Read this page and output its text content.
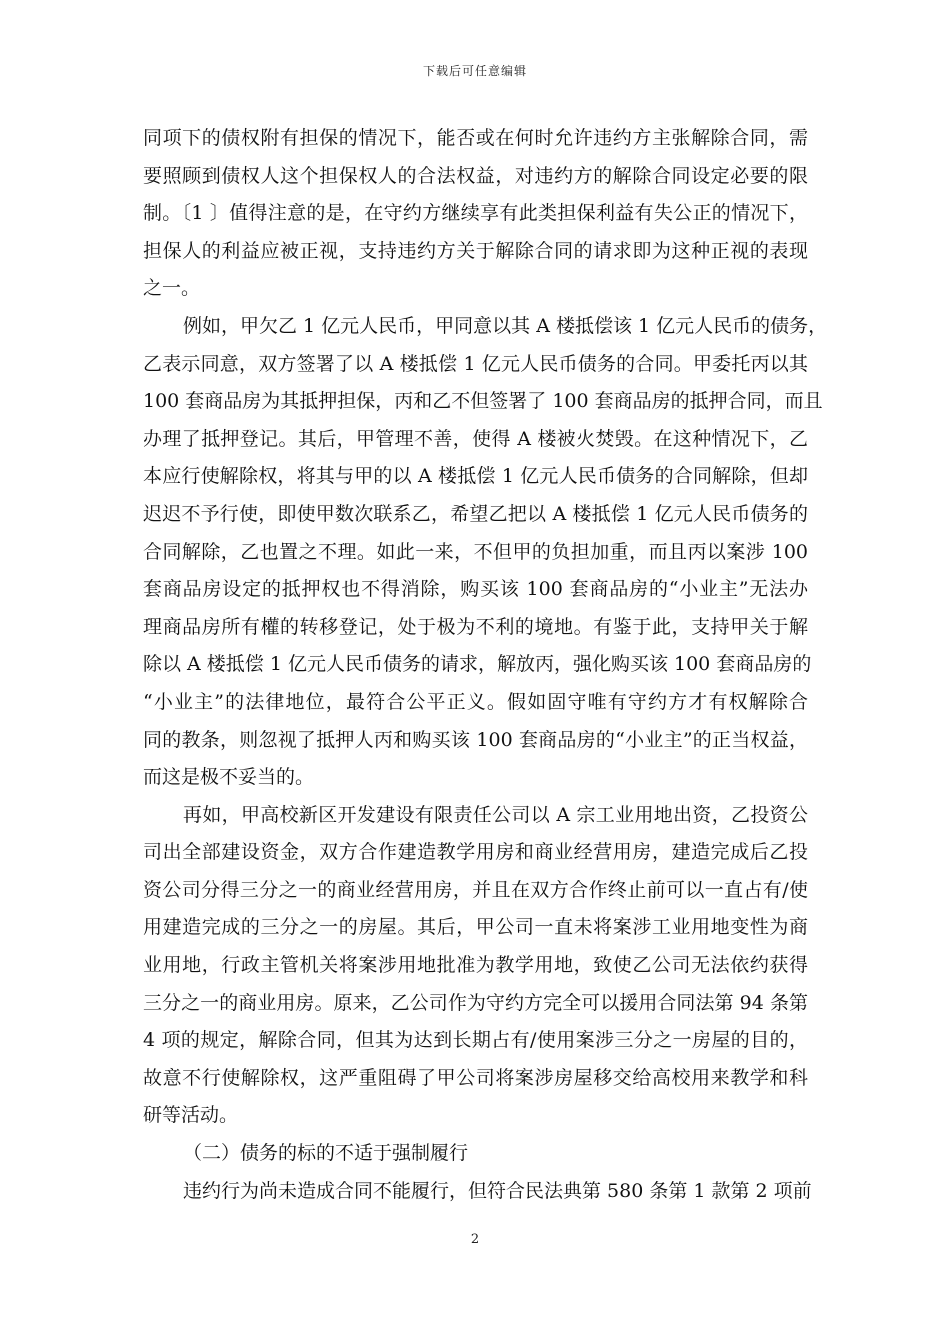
下载后可任意编辑
同项下的债权附有担保的情况下，能否或在何时允许违约方主张解除合同，需
要照顾到债权人这个担保权人的合法权益，对违约方的解除合同设定必要的限
制。〔1 〕值得注意的是，在守约方继续享有此类担保利益有失公正的情况下，
担保人的利益应被正视，支持违约方关于解除合同的请求即为这种正视的表现
之一。
例如，甲欠乙 1 亿元人民币，甲同意以其 A 楼抵偿该 1 亿元人民币的债务，
乙表示同意，双方签署了以 A 楼抵偿 1 亿元人民币债务的合同。甲委托丙以其
100 套商品房为其抵押担保，丙和乙不但签署了 100 套商品房的抵押合同，而且
办理了抵押登记。其后，甲管理不善，使得 A 楼被火焚毁。在这种情况下，乙
本应行使解除权，将其与甲的以 A 楼抵偿 1 亿元人民币债务的合同解除，但却
迟迟不予行使，即使甲数次联系乙，希望乙把以 A 楼抵偿 1 亿元人民币债务的
合同解除，乙也置之不理。如此一来，不但甲的负担加重，而且丙以案涉 100
套商品房设定的抵押权也不得消除，购买该 100 套商品房的“小业主”无法办
理商品房所有權的转移登记，处于极为不利的境地。有鉴于此，支持甲关于解
除以 A 楼抵偿 1 亿元人民币债务的请求，解放丙，强化购买该 100 套商品房的
“小业主”的法律地位，最符合公平正义。假如固守唯有守约方才有权解除合
同的教条，则忽视了抵押人丙和购买该 100 套商品房的“小业主”的正当权益，
而这是极不妥当的。
再如，甲高校新区开发建设有限责任公司以 A 宗工业用地出资，乙投资公
司出全部建设资金，双方合作建造教学用房和商业经营用房，建造完成后乙投
资公司分得三分之一的商业经营用房，并且在双方合作终止前可以一直占有/使
用建造完成的三分之一的房屋。其后，甲公司一直未将案涉工业用地变性为商
业用地，行政主管机关将案涉用地批准为教学用地，致使乙公司无法依约获得
三分之一的商业用房。原来，乙公司作为守约方完全可以援用合同法第 94 条第
4 项的规定，解除合同，但其为达到长期占有/使用案涉三分之一房屋的目的，
故意不行使解除权，这严重阻碍了甲公司将案涉房屋移交给高校用来教学和科
研等活动。
（二）债务的标的不适于强制履行
违约行为尚未造成合同不能履行，但符合民法典第 580 条第 1 款第 2 项前
2
